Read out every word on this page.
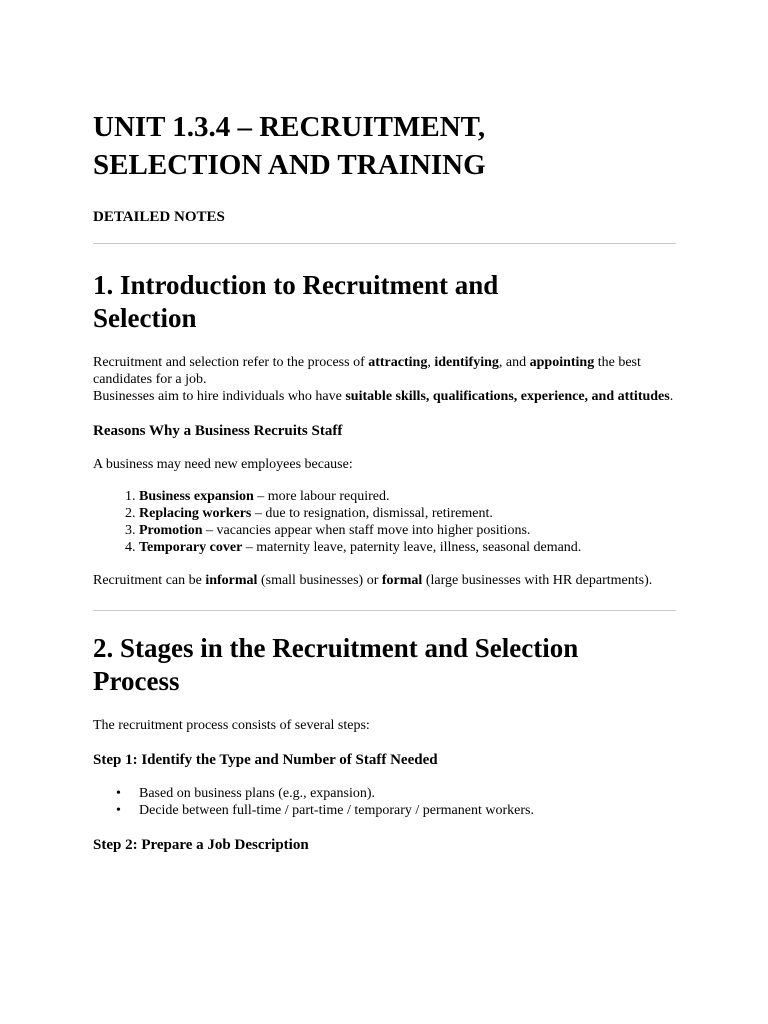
UNIT 1.3.4 – RECRUITMENT,
SELECTION AND TRAINING
DETAILED NOTES
1. Introduction to Recruitment and
Selection

Recruitment and selection refer to the process of attracting, identifying, and appointing the best candidates for a job.
Businesses aim to hire individuals who have suitable skills, qualifications, experience, and attitudes.

Reasons Why a Business Recruits Staff

A business may need new employees because:

1. Business expansion – more labour required.
2. Replacing workers – due to resignation, dismissal, retirement.
3. Promotion – vacancies appear when staff move into higher positions.
4. Temporary cover – maternity leave, paternity leave, illness, seasonal demand.

Recruitment can be informal (small businesses) or formal (large businesses with HR departments).

2. Stages in the Recruitment and Selection
Process

The recruitment process consists of several steps:

Step 1: Identify the Type and Number of Staff Needed
• Based on business plans (e.g., expansion).
• Decide between full-time / part-time / temporary / permanent workers.
Step 2: Prepare a Job Description
